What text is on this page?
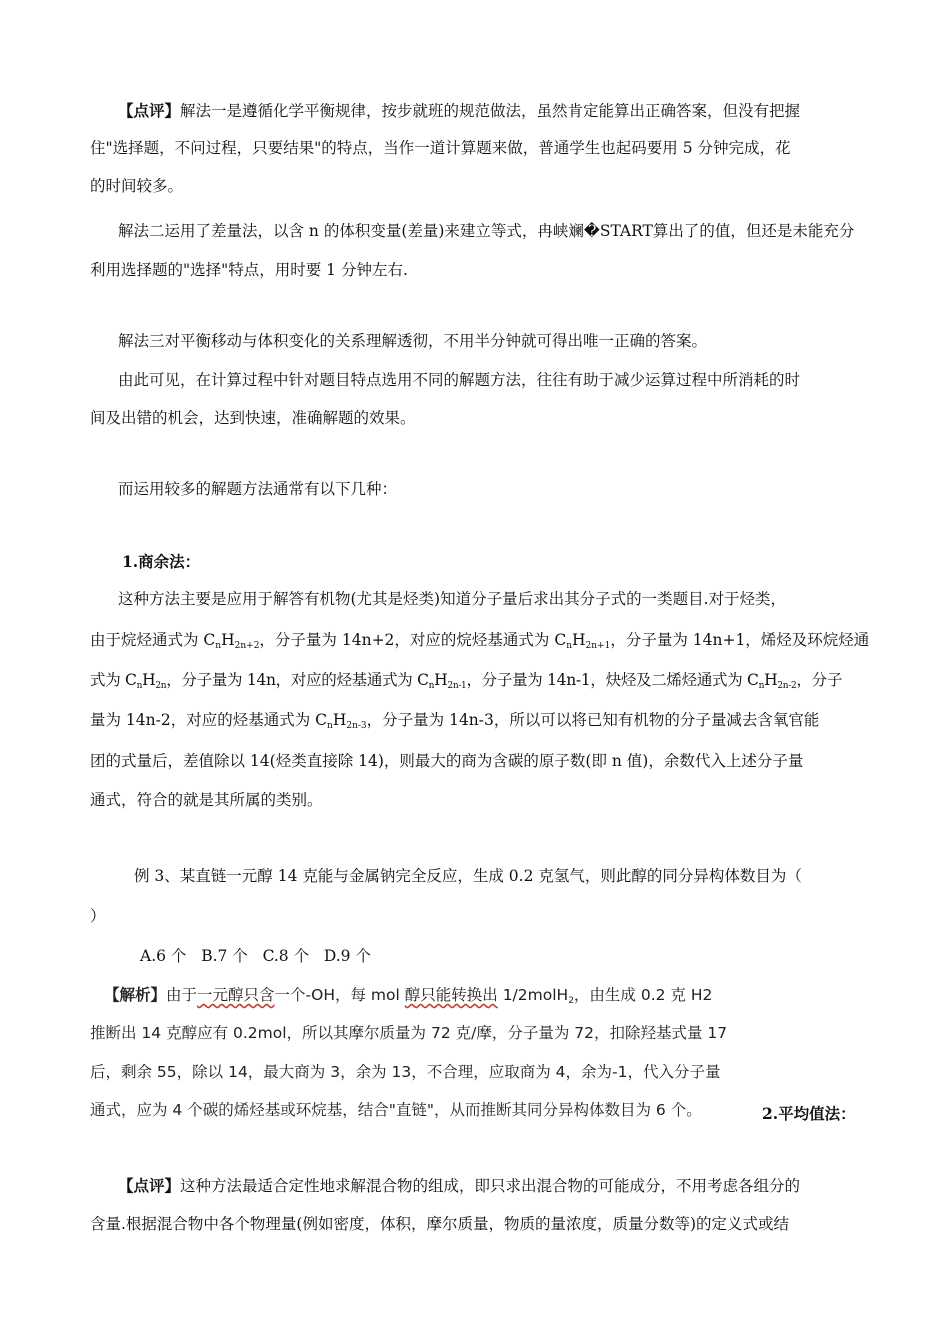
【点评】解法一是遵循化学平衡规律，按步就班的规范做法，虽然肯定能算出正确答案，但没有把握
住"选择题，不问过程，只要结果"的特点，当作一道计算题来做，普通学生也起码要用 5 分钟完成，花
的时间较多。
解法二运用了差量法，以含 n 的体积变量(差量)来建立等式，冉峡斓�START算出了的值，但还是未能充分
利用选择题的"选择"特点，用时要 1 分钟左右.
解法三对平衡移动与体积变化的关系理解透彻，不用半分钟就可得出唯一正确的答案。
由此可见，在计算过程中针对题目特点选用不同的解题方法，往往有助于减少运算过程中所消耗的时
间及出错的机会，达到快速，准确解题的效果。
而运用较多的解题方法通常有以下几种：
1.商余法：
这种方法主要是应用于解答有机物(尤其是烃类)知道分子量后求出其分子式的一类题目.对于烃类，
由于烷烃通式为 $C_nH_{2n+2}$，分子量为 14n+2，对应的烷烃基通式为 $C_nH_{2n+1}$，分子量为 14n+1，烯烃及环烷烃通
式为 $C_nH_{2n}$，分子量为 14n，对应的烃基通式为 $C_nH_{2n-1}$，分子量为 14n-1，炔烃及二烯烃通式为 $C_nH_{2n-2}$，分子
量为 14n-2，对应的烃基通式为 $C_nH_{2n-3}$，分子量为 14n-3，所以可以将已知有机物的分子量减去含氧官能
团的式量后，差值除以 14(烃类直接除 14)，则最大的商为含碳的原子数(即 n 值)，余数代入上述分子量
通式，符合的就是其所属的类别。
例 3、某直链一元醇 14 克能与金属钠完全反应，生成 0.2 克氢气，则此醇的同分异构体数目为（
）
A.6 个   B.7 个   C.8 个   D.9 个
【解析】由于一元醇只含一个-OH，每 mol 醇只能转换出 1/2molH$_2$，由生成 0.2 克 H2
推断出 14 克醇应有 0.2mol，所以其摩尔质量为 72 克/摩，分子量为 72，扣除羟基式量 17
后，剩余 55，除以 14，最大商为 3，余为 13，不合理，应取商为 4，余为-1，代入分子量
通式，应为 4 个碳的烯烃基或环烷基，结合"直链"，从而推断其同分异构体数目为 6 个。	2.平均值法：
【点评】这种方法最适合定性地求解混合物的组成，即只求出混合物的可能成分，不用考虑各组分的
含量.根据混合物中各个物理量(例如密度，体积，摩尔质量，物质的量浓度，质量分数等)的定义式或结
